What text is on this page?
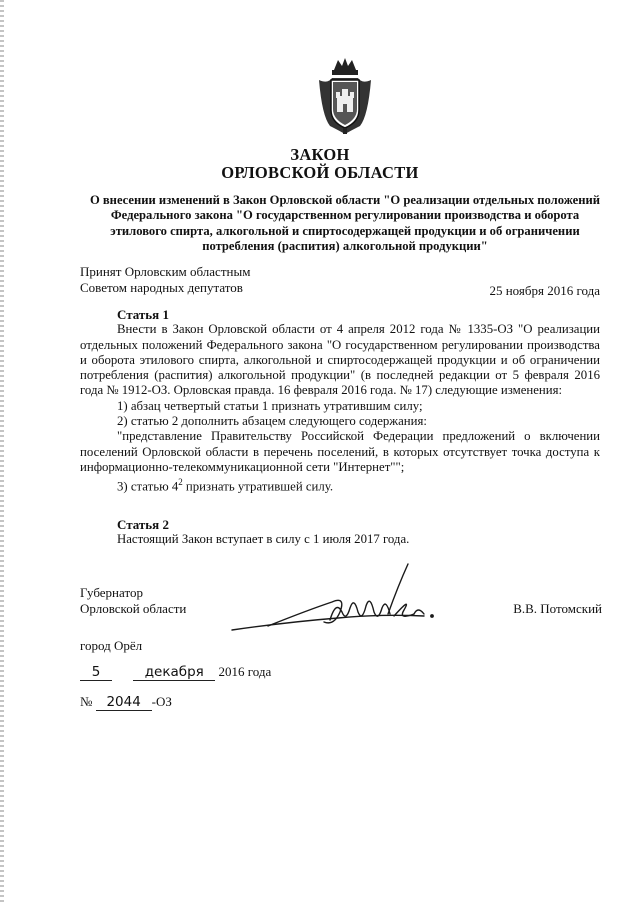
ЗАКОН
ОРЛОВСКОЙ ОБЛАСТИ
О внесении изменений в Закон Орловской области "О реализации отдельных положений Федерального закона "О государственном регулировании производства и оборота этилового спирта, алкогольной и спиртосодержащей продукции и об ограничении потребления (распития) алкогольной продукции"
Принят Орловским областным
Советом народных депутатов	25 ноября 2016 года

Статья 1

Внести в Закон Орловской области от 4 апреля 2012 года № 1335-ОЗ "О реализации отдельных положений Федерального закона "О государственном регулировании производства и оборота этилового спирта, алкогольной и спиртосодержащей продукции и об ограничении потребления (распития) алкогольной продукции" (в последней редакции от 5 февраля 2016 года № 1912-ОЗ. Орловская правда. 16 февраля 2016 года. № 17) следующие изменения:

1) абзац четвертый статьи 1 признать утратившим силу;

2) статью 2 дополнить абзацем следующего содержания:

"представление Правительству Российской Федерации предложений о включении поселений Орловской области в перечень поселений, в которых отсутствует точка доступа к информационно-телекоммуникационной сети "Интернет"";

3) статью $4^2$ признать утратившей силу.

Статья 2

Настоящий Закон вступает в силу с 1 июля 2017 года.

Губернатор
Орловской области	В.В. Потомский
город Орёл
5	декабря 2016 года
№ 2044 -ОЗ
